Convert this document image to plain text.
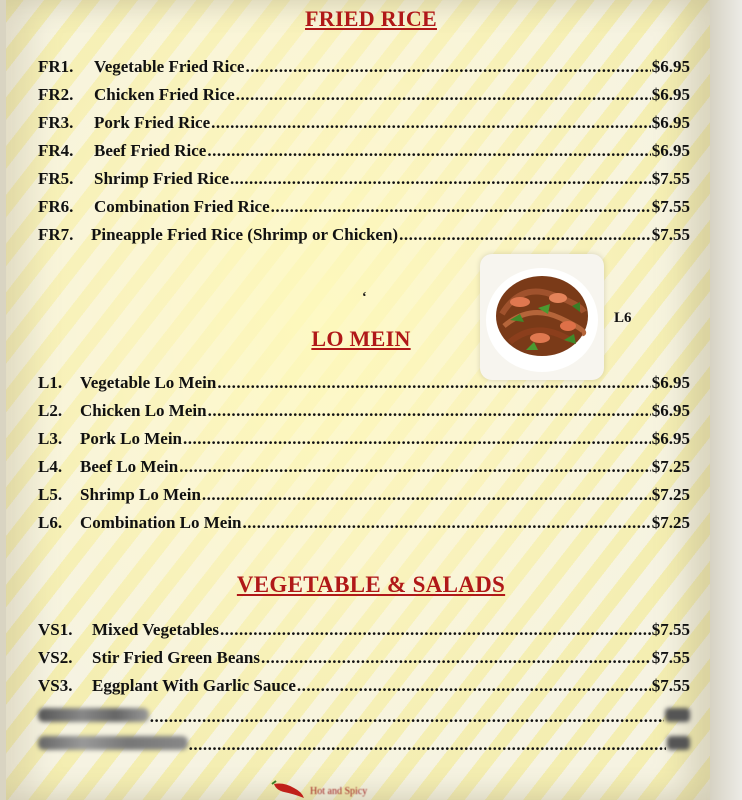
FRIED RICE
FR1.	Vegetable Fried Rice .....	$6.95
FR2.	Chicken Fried Rice .....	$6.95
FR3.	Pork Fried Rice .....	$6.95
FR4.	Beef Fried Rice .....	$6.95
FR5.	Shrimp Fried Rice .....	$7.55
FR6.	Combination Fried Rice .....	$7.55
FR7.	Pineapple Fried Rice (Shrimp or Chicken) .....	$7.55
L6
‘
LO MEIN
L1.	Vegetable Lo Mein .....	$6.95
L2.	Chicken Lo Mein .....	$6.95
L3.	Pork Lo Mein .....	$6.95
L4.	Beef Lo Mein .....	$7.25
L5.	Shrimp Lo Mein .....	$7.25
L6.	Combination Lo Mein .....	$7.25
VEGETABLE & SALADS
VS1.	Mixed Vegetables .....	$7.55
VS2.	Stir Fried Green Beans .....	$7.55
VS3.	Eggplant With Garlic Sauce .....	$7.55
.....
.....
Hot and Spicy
